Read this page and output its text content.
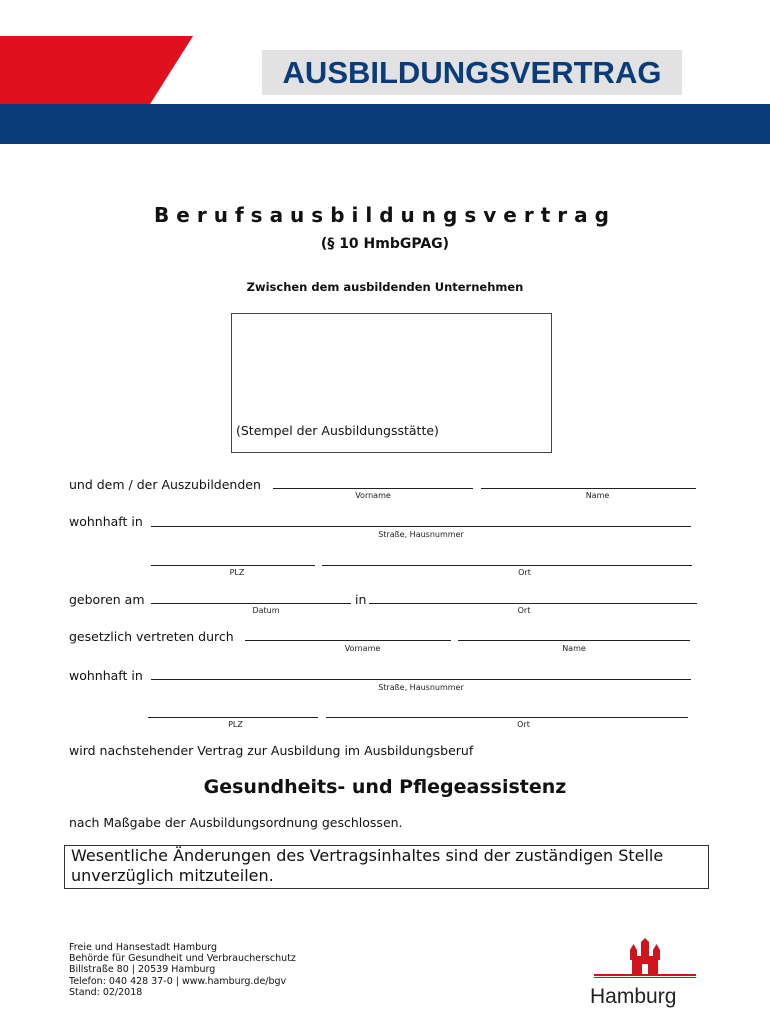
AUSBILDUNGSVERTRAG
Berufsausbildungsvertrag
(§ 10 HmbGPAG)
Zwischen dem ausbildenden Unternehmen
(Stempel der Ausbildungsstätte)
und dem / der Auszubildenden
Vorname	Name
wohnhaft in
Straße, Hausnummer
PLZ	Ort
geboren am	in
Datum	Ort
gesetzlich vertreten durch
Vorname	Name
wohnhaft in
Straße, Hausnummer
PLZ	Ort
wird nachstehender Vertrag zur Ausbildung im Ausbildungsberuf
Gesundheits- und Pflegeassistenz
nach Maßgabe der Ausbildungsordnung geschlossen.
Wesentliche Änderungen des Vertragsinhaltes sind der zuständigen Stelle unverzüglich mitzuteilen.
Freie und Hansestadt Hamburg
Behörde für Gesundheit und Verbraucherschutz
Billstraße 80 | 20539 Hamburg
Telefon: 040 428 37-0 | www.hamburg.de/bgv
Stand: 02/2018	Hamburg
